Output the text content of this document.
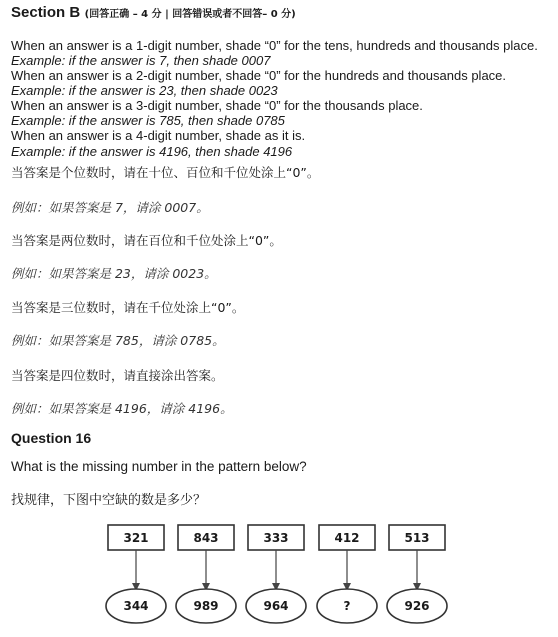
Section B (回答正确 – 4 分 | 回答错误或者不回答– 0 分)
When an answer is a 1-digit number, shade “0” for the tens, hundreds and thousands place.
Example: if the answer is 7, then shade 0007
When an answer is a 2-digit number, shade “0” for the hundreds and thousands place.
Example: if the answer is 23, then shade 0023
When an answer is a 3-digit number, shade “0” for the thousands place.
Example: if the answer is 785, then shade 0785
When an answer is a 4-digit number, shade as it is.
Example: if the answer is 4196, then shade 4196
当答案是个位数时，请在十位、百位和千位处涂上“0”。
例如：如果答案是 7，请涂 0007。
当答案是两位数时，请在百位和千位处涂上“0”。
例如：如果答案是 23，请涂 0023。
当答案是三位数时，请在千位处涂上“0”。
例如：如果答案是 785，请涂 0785。
当答案是四位数时，请直接涂出答案。
例如：如果答案是 4196，请涂 4196。
Question 16
What is the missing number in the pattern below?
找规律，下图中空缺的数是多少？
321
344
843
989
333
964
412
?
513
926
